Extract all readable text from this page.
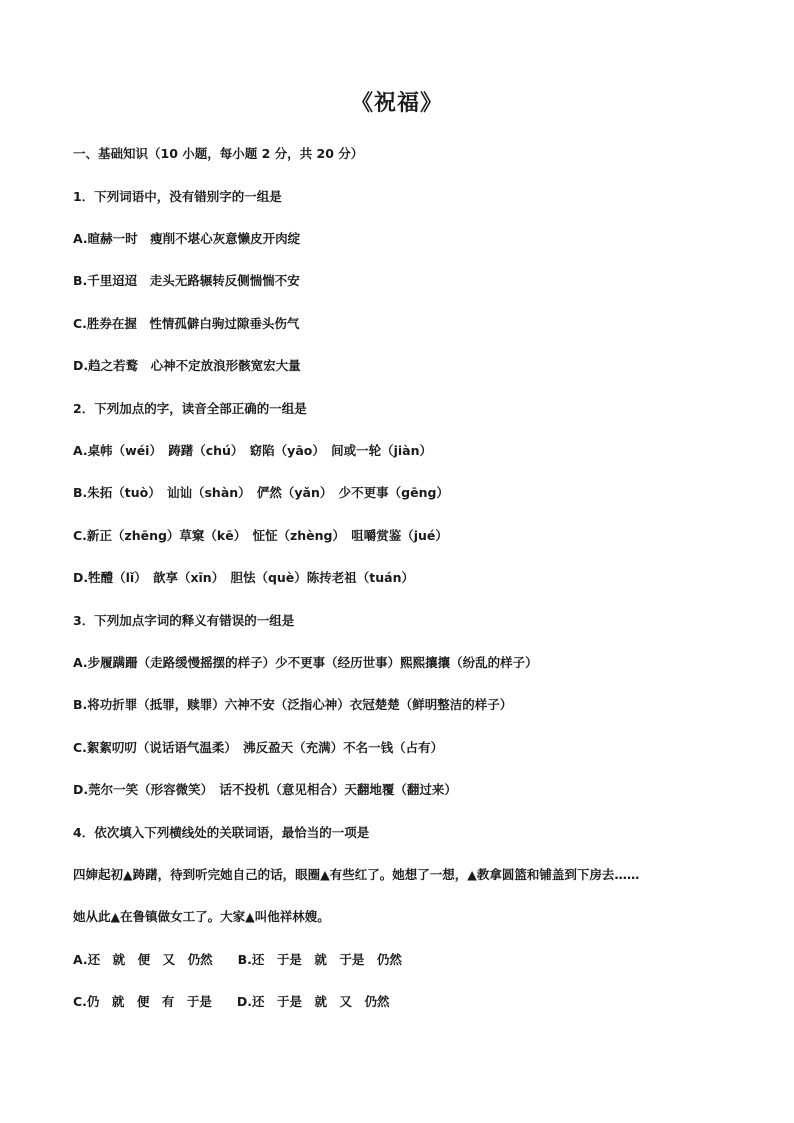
《祝福》
一、基础知识（10 小题，每小题 2 分，共 20 分）
1．下列词语中，没有错别字的一组是
A.暄赫一时　瘦削不堪心灰意懒皮开肉绽
B.千里迢迢　走头无路辗转反侧惴惴不安
C.胜券在握　性情孤僻白驹过隙垂头伤气
D.趋之若鹜　心神不定放浪形骸宽宏大量
2．下列加点的字，读音全部正确的一组是
A.桌帏（wéi）　踌躇（chú）　窈陷（yāo）　间或一轮（jiàn）
B.朱拓（tuò）　讪讪（shàn）　俨然（yǎn）　少不更事（gēng）
C.新正（zhēng）草窠（kē）　怔怔（zhèng）　咀嚼赏鉴（jué）
D.牲醴（lǐ）　歆享（xīn）　胆怯（què）陈抟老祖（tuán）
3．下列加点字词的释义有错误的一组是
A.步履蹒跚（走路缓慢摇摆的样子）少不更事（经历世事）熙熙攘攘（纷乱的样子）
B.将功折罪（抵罪，赎罪）六神不安（泛指心神）衣冠楚楚（鲜明整洁的样子）
C.絮絮叨叨（说话语气温柔）　沸反盈天（充满）不名一钱（占有）
D.莞尔一笑（形容微笑）　话不投机（意见相合）天翻地覆（翻过来）
4．依次填入下列横线处的关联词语，最恰当的一项是
四婶起初▲踌躇，待到听完她自己的话，眼圈▲有些红了。她想了一想，▲教拿圆篮和铺盖到下房去……
她从此▲在鲁镇做女工了。大家▲叫他祥林嫂。
A.还　就　便　又　仍然　　B.还　于是　就　于是　仍然
C.仍　就　便　有　于是　　D.还　于是　就　又　仍然
